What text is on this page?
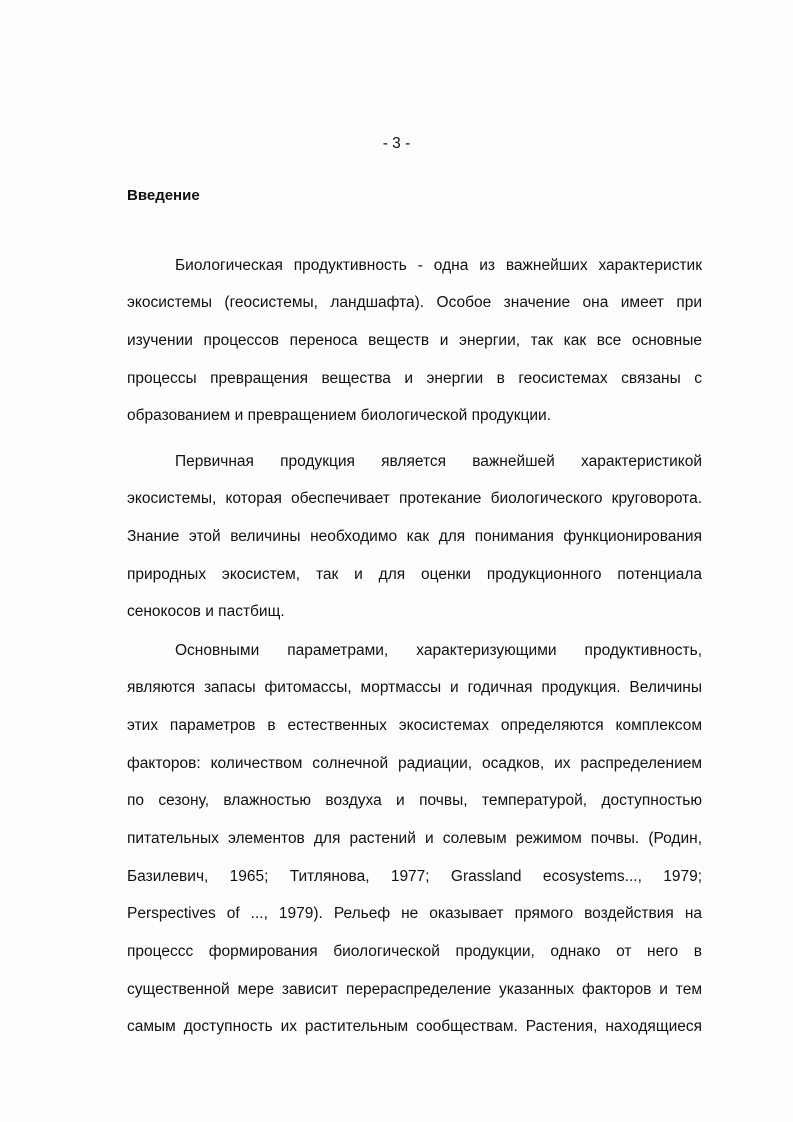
- 3 -
Введение
Биологическая продуктивность - одна из важнейших характеристик
экосистемы (геосистемы, ландшафта). Особое значение она имеет при
изучении процессов переноса веществ и энергии, так как все основные
процессы превращения вещества и энергии в геосистемах связаны с
образованием и превращением биологической продукции.
Первичная продукция является важнейшей характеристикой
экосистемы, которая обеспечивает протекание биологического круговорота.
Знание этой величины необходимо как для понимания функционирования
природных экосистем, так и для оценки продукционного потенциала
сенокосов и пастбищ.
Основными параметрами, характеризующими продуктивность,
являются запасы фитомассы, мортмассы и годичная продукция. Величины
этих параметров в естественных экосистемах определяются комплексом
факторов: количеством солнечной радиации, осадков, их распределением
по сезону, влажностью воздуха и почвы, температурой, доступностью
питательных элементов для растений и солевым режимом почвы. (Родин,
Базилевич, 1965; Титлянова, 1977; Grassland ecosystems..., 1979;
Perspectives of ..., 1979). Рельеф не оказывает прямого воздействия на
процессс формирования биологической продукции, однако от него в
существенной мере зависит перераспределение указанных факторов и тем
самым доступность их растительным сообществам. Растения, находящиеся
